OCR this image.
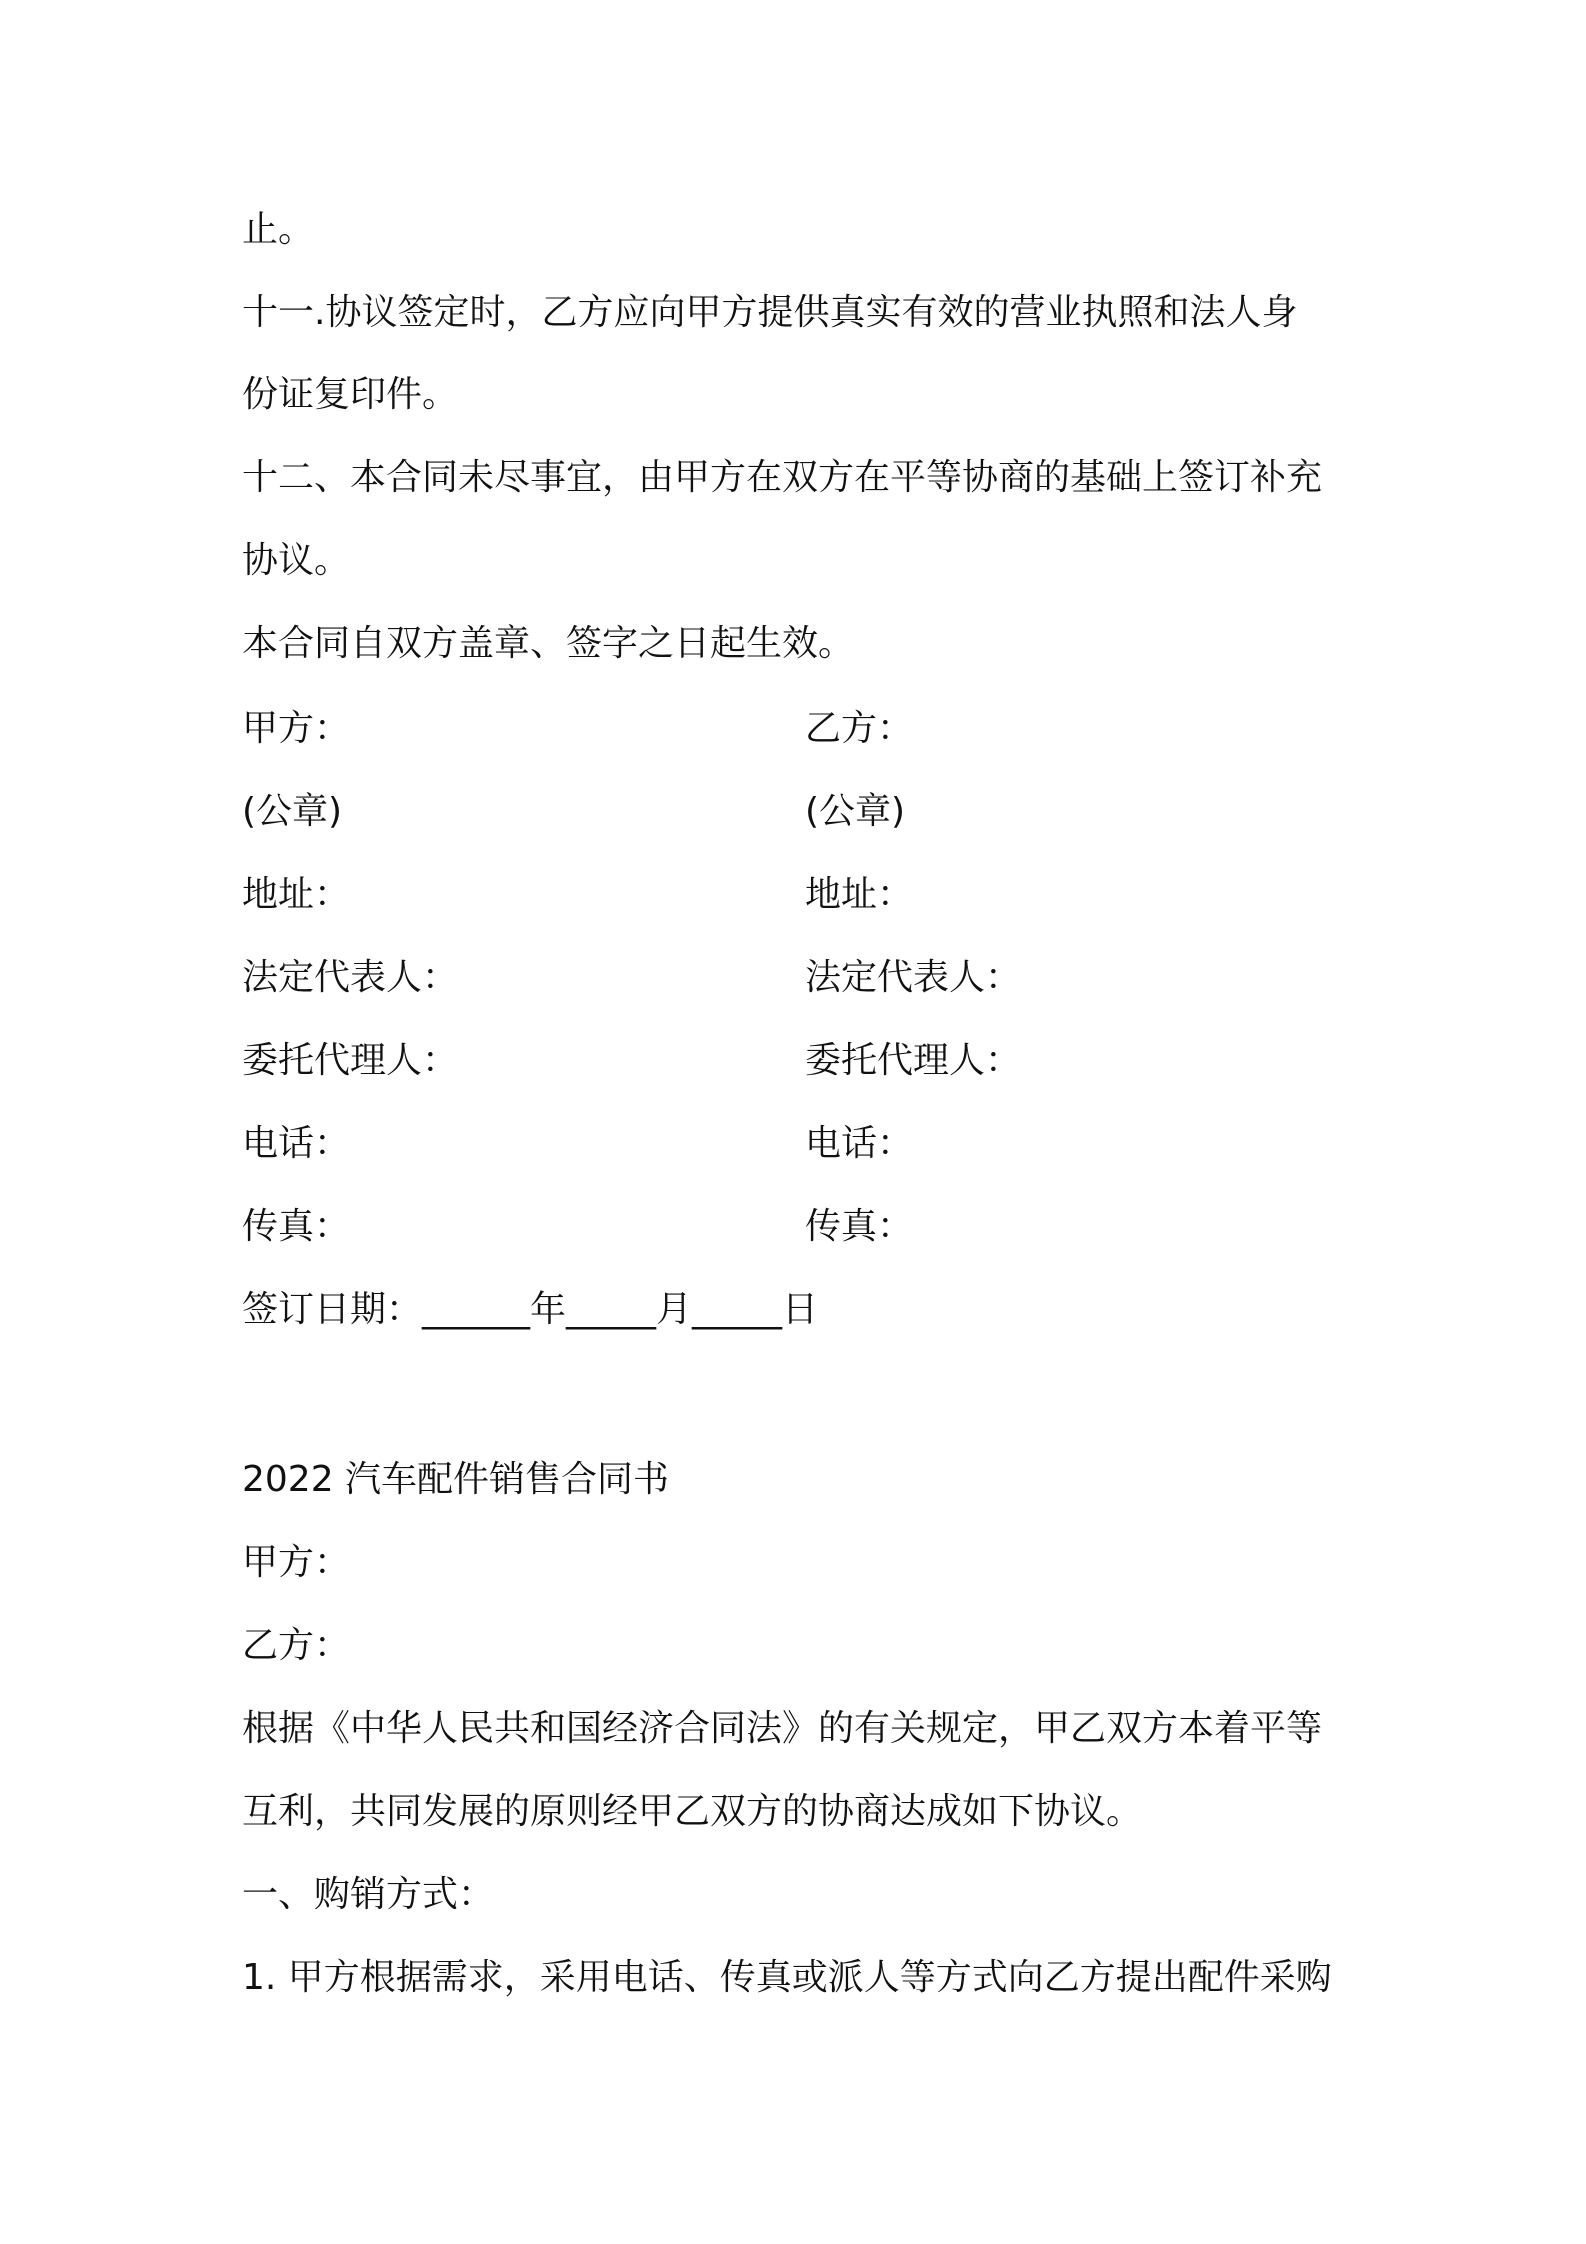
止。
十一.协议签定时，乙方应向甲方提供真实有效的营业执照和法人身
份证复印件。
十二、本合同未尽事宜，由甲方在双方在平等协商的基础上签订补充
协议。
本合同自双方盖章、签字之日起生效。
甲方：	乙方：
(公章)	(公章)
地址：	地址：
法定代表人：	法定代表人：
委托代理人：	委托代理人：
电话：	电话：
传真：	传真：
签订日期：______年_____月_____日
2022 汽车配件销售合同书
甲方：
乙方：
根据《中华人民共和国经济合同法》的有关规定，甲乙双方本着平等
互利，共同发展的原则经甲乙双方的协商达成如下协议。
一、购销方式：
1. 甲方根据需求，采用电话、传真或派人等方式向乙方提出配件采购
